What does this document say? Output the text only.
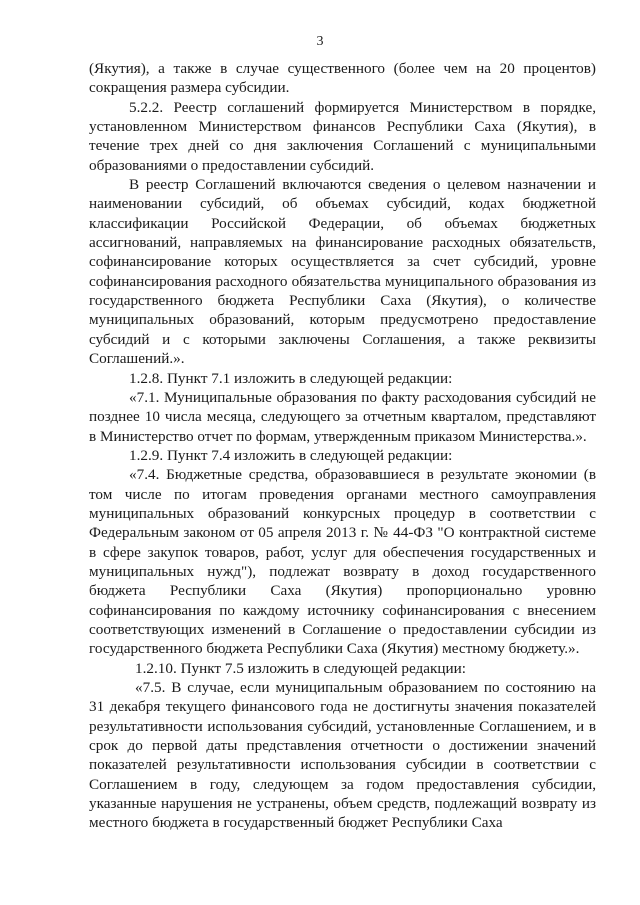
3

(Якутия), а также в случае существенного (более чем на 20 процентов) сокращения размера субсидии.

5.2.2. Реестр соглашений формируется Министерством в порядке, установленном Министерством финансов Республики Саха (Якутия), в течение трех дней со дня заключения Соглашений с муниципальными образованиями о предоставлении субсидий.

В реестр Соглашений включаются сведения о целевом назначении и наименовании субсидий, об объемах субсидий, кодах бюджетной классификации Российской Федерации, об объемах бюджетных ассигнований, направляемых на финансирование расходных обязательств, софинансирование которых осуществляется за счет субсидий, уровне софинансирования расходного обязательства муниципального образования из государственного бюджета Республики Саха (Якутия), о количестве муниципальных образований, которым предусмотрено предоставление субсидий и с которыми заключены Соглашения, а также реквизиты Соглашений.».

1.2.8. Пункт 7.1 изложить в следующей редакции:

«7.1. Муниципальные образования по факту расходования субсидий не позднее 10 числа месяца, следующего за отчетным кварталом, представляют в Министерство отчет по формам, утвержденным приказом Министерства.».

1.2.9. Пункт 7.4 изложить в следующей редакции:

«7.4. Бюджетные средства, образовавшиеся в результате экономии (в том числе по итогам проведения органами местного самоуправления муниципальных образований конкурсных процедур в соответствии с Федеральным законом от 05 апреля 2013 г. № 44-ФЗ "О контрактной системе в сфере закупок товаров, работ, услуг для обеспечения государственных и муниципальных нужд"), подлежат возврату в доход государственного бюджета Республики Саха (Якутия) пропорционально уровню софинансирования по каждому источнику софинансирования с внесением соответствующих изменений в Соглашение о предоставлении субсидии из государственного бюджета Республики Саха (Якутия) местному бюджету.».

1.2.10. Пункт 7.5 изложить в следующей редакции:

«7.5. В случае, если муниципальным образованием по состоянию на 31 декабря текущего финансового года не достигнуты значения показателей результативности использования субсидий, установленные Соглашением, и в срок до первой даты представления отчетности о достижении значений показателей результативности использования субсидии в соответствии с Соглашением в году, следующем за годом предоставления субсидии, указанные нарушения не устранены, объем средств, подлежащий возврату из местного бюджета в государственный бюджет Республики Саха
